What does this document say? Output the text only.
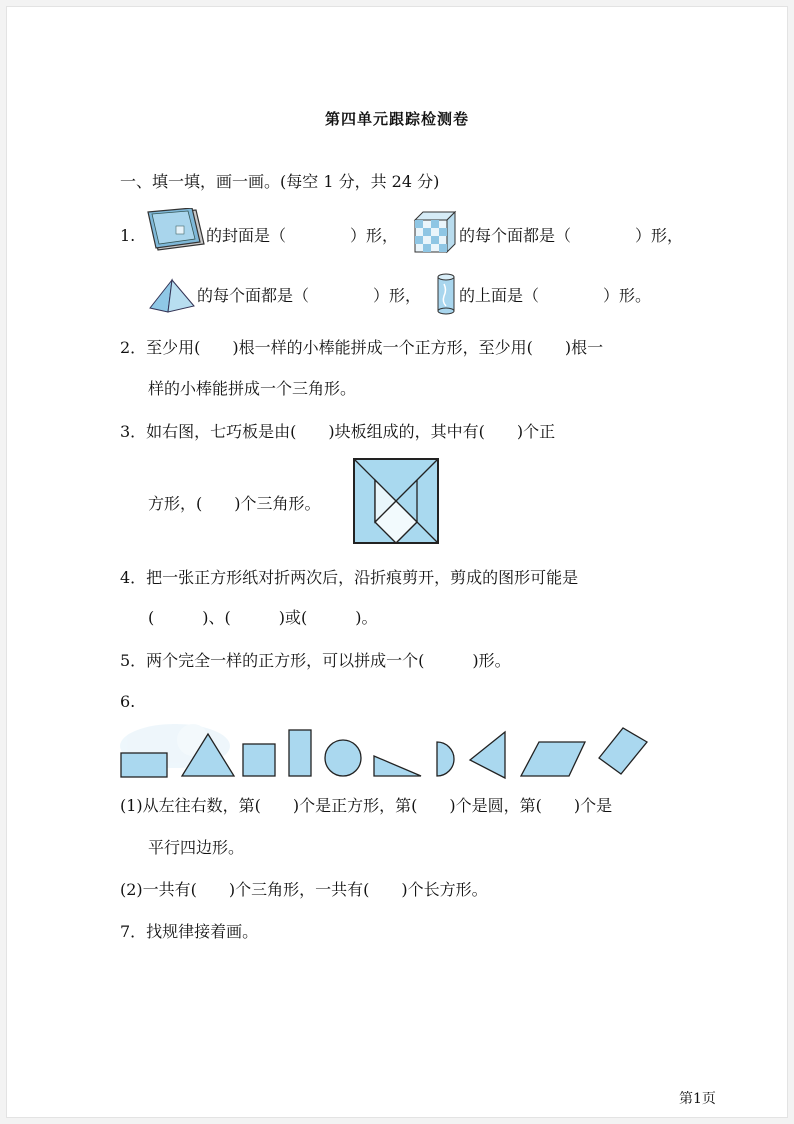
第四单元跟踪检测卷
一、填一填，画一画。(每空 1 分，共 24 分)
1.	的封面是（　　　　）形，	的每个面都是（　　　　）形，
的每个面都是（　　　　）形， 的上面是（　　　　）形。
2．至少用(　　)根一样的小棒能拼成一个正方形，至少用(　　)根一
样的小棒能拼成一个三角形。
3．如右图，七巧板是由(　　)块板组成的，其中有(　　)个正
方形，(　　)个三角形。
4．把一张正方形纸对折两次后，沿折痕剪开，剪成的图形可能是
(　　　)、(　　　)或(　　　)。
5．两个完全一样的正方形，可以拼成一个(　　　)形。
6.
(1)从左往右数，第(　　)个是正方形，第(　　)个是圆，第(　　)个是
平行四边形。
(2)一共有(　　)个三角形，一共有(　　)个长方形。
7．找规律接着画。
第1页
